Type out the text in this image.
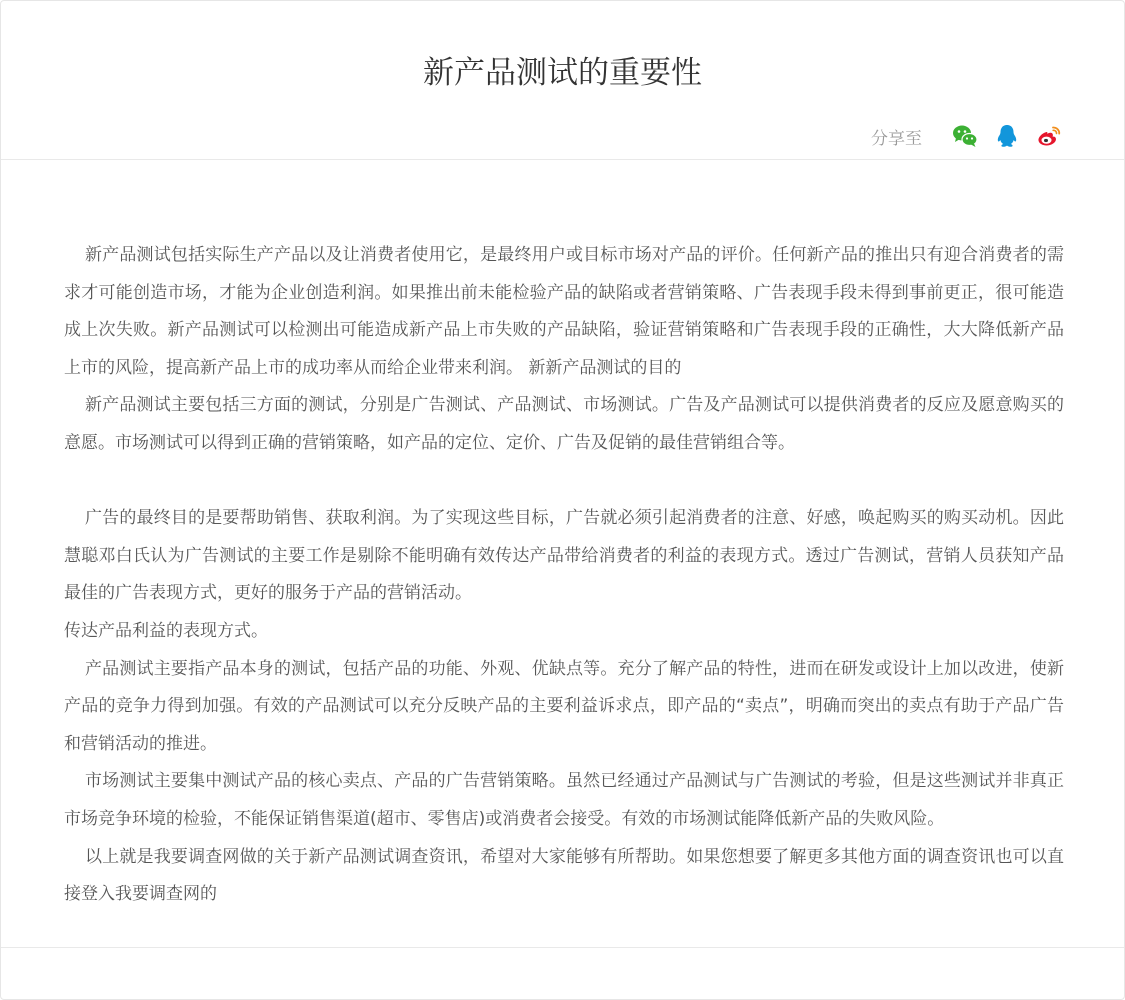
新产品测试的重要性
分享至

新产品测试包括实际生产产品以及让消费者使用它，是最终用户或目标市场对产品的评价。任何新产品的推出只有迎合消费者的需求才可能创造市场，才能为企业创造利润。如果推出前未能检验产品的缺陷或者营销策略、广告表现手段未得到事前更正，很可能造成上次失败。新产品测试可以检测出可能造成新产品上市失败的产品缺陷，验证营销策略和广告表现手段的正确性，大大降低新产品上市的风险，提高新产品上市的成功率从而给企业带来利润。 新新产品测试的目的

新产品测试主要包括三方面的测试，分别是广告测试、产品测试、市场测试。广告及产品测试可以提供消费者的反应及愿意购买的意愿。市场测试可以得到正确的营销策略，如产品的定位、定价、广告及促销的最佳营销组合等。

广告的最终目的是要帮助销售、获取利润。为了实现这些目标，广告就必须引起消费者的注意、好感，唤起购买的购买动机。因此慧聪邓白氏认为广告测试的主要工作是剔除不能明确有效传达产品带给消费者的利益的表现方式。透过广告测试，营销人员获知产品最佳的广告表现方式，更好的服务于产品的营销活动。

传达产品利益的表现方式。

产品测试主要指产品本身的测试，包括产品的功能、外观、优缺点等。充分了解产品的特性，进而在研发或设计上加以改进，使新产品的竞争力得到加强。有效的产品测试可以充分反映产品的主要利益诉求点，即产品的“卖点”，明确而突出的卖点有助于产品广告和营销活动的推进。

市场测试主要集中测试产品的核心卖点、产品的广告营销策略。虽然已经通过产品测试与广告测试的考验，但是这些测试并非真正市场竞争环境的检验，不能保证销售渠道(超市、零售店)或消费者会接受。有效的市场测试能降低新产品的失败风险。

以上就是我要调查网做的关于新产品测试调查资讯，希望对大家能够有所帮助。如果您想要了解更多其他方面的调查资讯也可以直接登入我要调查网的
